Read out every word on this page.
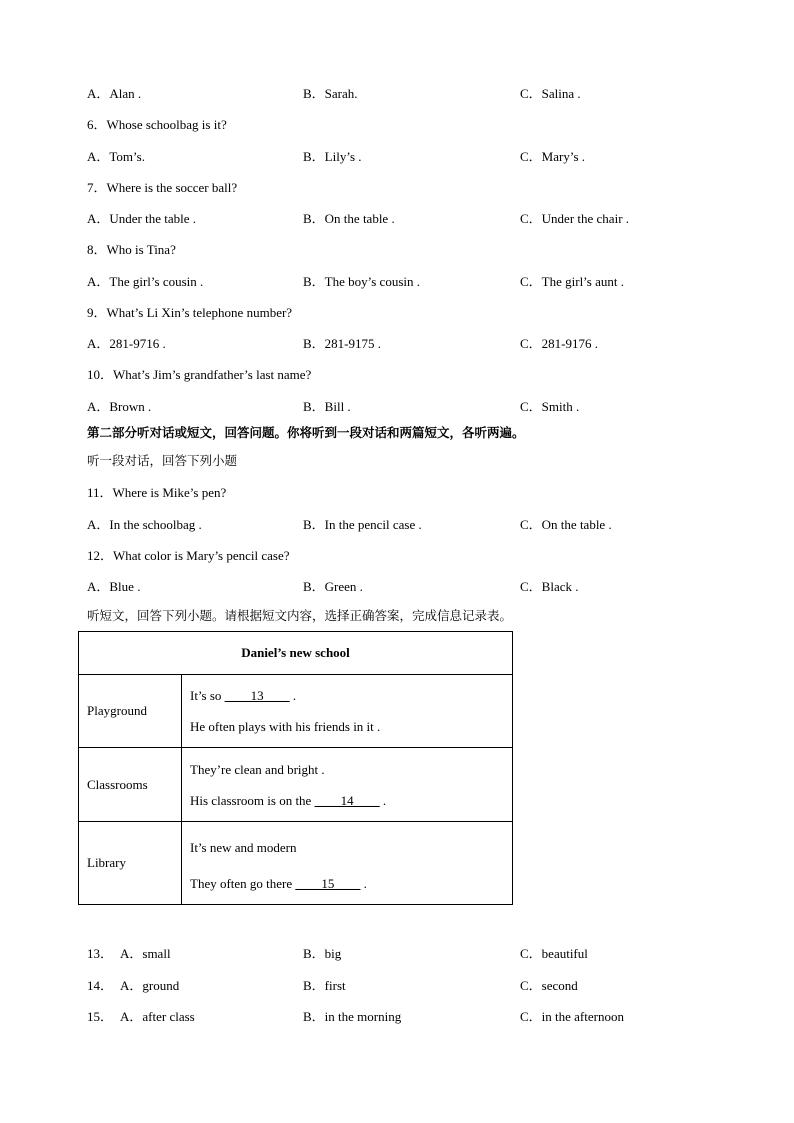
A．Alan .	B．Sarah.	C．Salina .
6．Whose schoolbag is it?
A．Tom’s.	B．Lily’s .	C．Mary’s .
7．Where is the soccer ball?
A．Under the table .	B．On the table .	C．Under the chair .
8．Who is Tina?
A．The girl’s cousin .	B．The boy’s cousin .	C．The girl’s aunt .
9．What’s Li Xin’s telephone number?
A．281-9716 .	B．281-9175 .	C．281-9176 .
10．What’s Jim’s grandfather’s last name?
A．Brown .	B．Bill .	C．Smith .
第二部分听对话或短文，回答问题。你将听到一段对话和两篇短文，各听两遍。
听一段对话，回答下列小题
11．Where is Mike’s pen?
A．In the schoolbag .	B．In the pencil case .	C．On the table .
12．What color is Mary’s pencil case?
A．Blue .	B．Green .	C．Black .
听短文，回答下列小题。请根据短文内容，选择正确答案，完成信息记录表。
Daniel’s new school	
Playground	It’s so ____13____ .
He often plays with his friends in it .

Classrooms	They’re clean and bright .
His classroom is on the ____14____ .

Library	It’s new and modern
They often go there ____15____ .
13． A．small	B．big	C．beautiful
14． A．ground	B．first	C．second
15． A．after class	B．in the morning	C．in the afternoon
